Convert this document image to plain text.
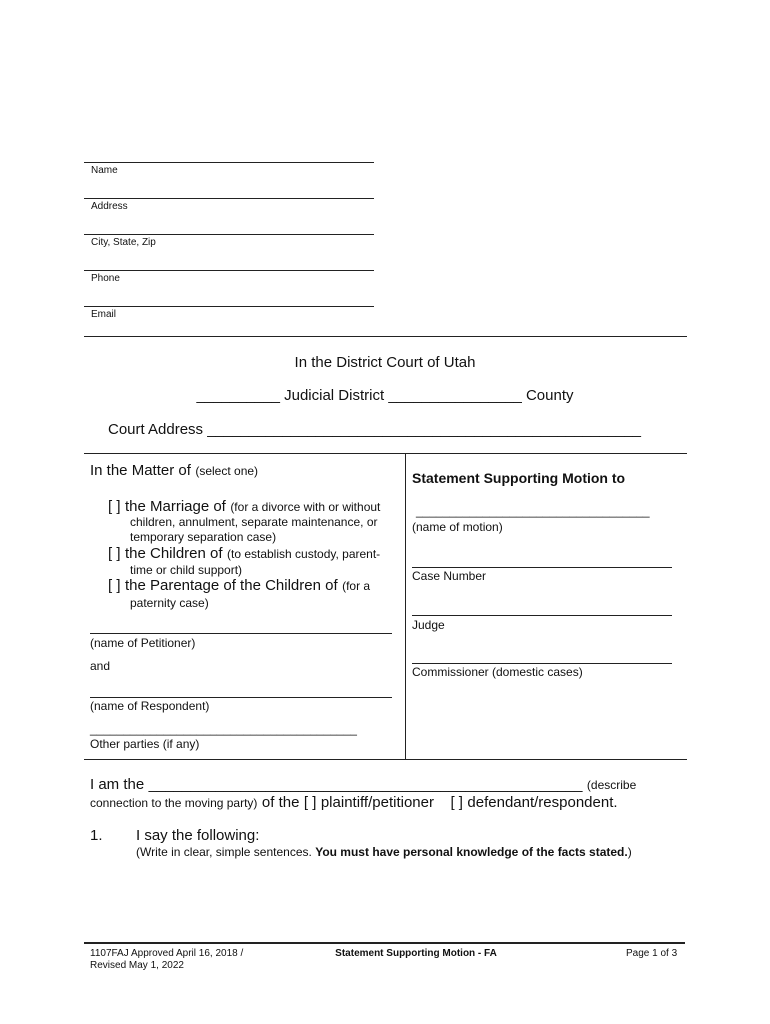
Name
Address
City, State, Zip
Phone
Email
In the District Court of Utah
__________ Judicial District ________________ County
Court Address ____________________________________________________
In the Matter of (select one)
[ ] the Marriage of (for a divorce with or without
children, annulment, separate maintenance, or
temporary separation case)
[ ] the Children of (to establish custody, parent-
time or child support)
[ ] the Parentage of the Children of (for a
paternity case)
(name of Petitioner)
and
(name of Respondent)
________________________________________
Other parties (if any)
Statement Supporting Motion to
___________________________________
(name of motion)
Case Number
Judge
Commissioner (domestic cases)
I am the ____________________________________________________ (describe
connection to the moving party) of the [ ] plaintiff/petitioner [ ] defendant/respondent.
1. I say the following:
(Write in clear, simple sentences. You must have personal knowledge of the facts stated.)
1107FAJ Approved April 16, 2018 /
Revised May 1, 2022
Statement Supporting Motion - FA	Page 1 of 3
